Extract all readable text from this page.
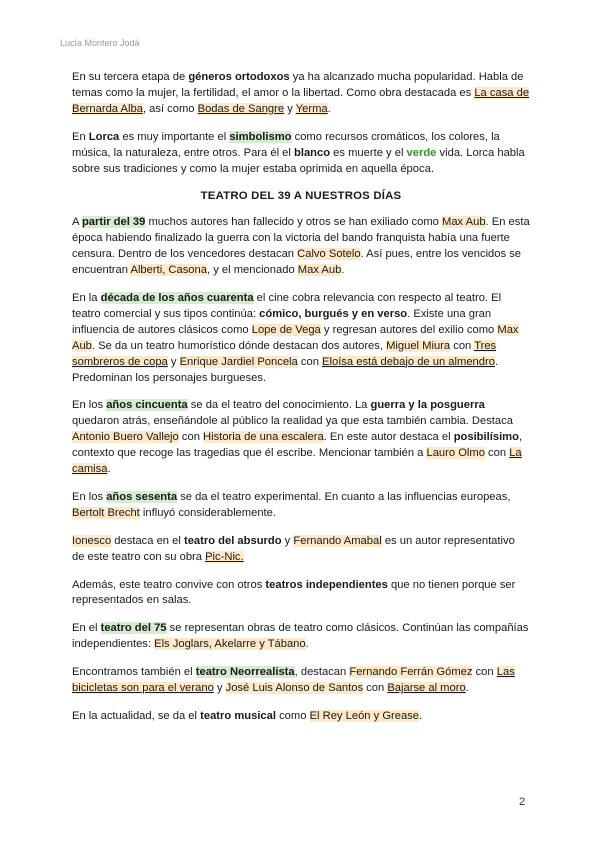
Lucía Montero Jodá

En su tercera etapa de géneros ortodoxos ya ha alcanzado mucha popularidad. Habla de temas como la mujer, la fertilidad, el amor o la libertad. Como obra destacada es La casa de Bernarda Alba, así como Bodas de Sangre y Yerma.

En Lorca es muy importante el simbolismo como recursos cromáticos, los colores, la música, la naturaleza, entre otros. Para él el blanco es muerte y el verde vida. Lorca habla sobre sus tradiciones y como la mujer estaba oprimida en aquella época.

TEATRO DEL 39 A NUESTROS DÍAS

A partir del 39 muchos autores han fallecido y otros se han exiliado como Max Aub. En esta época habiendo finalizado la guerra con la victoria del bando franquista había una fuerte censura. Dentro de los vencedores destacan Calvo Sotelo. Así pues, entre los vencidos se encuentran Alberti, Casona, y el mencionado Max Aub.

En la década de los años cuarenta el cine cobra relevancia con respecto al teatro. El teatro comercial y sus tipos continúa: cómico, burgués y en verso. Existe una gran influencia de autores clásicos como Lope de Vega y regresan autores del exilio como Max Aub. Se da un teatro humorístico dónde destacan dos autores, Miguel Miura con Tres sombreros de copa y Enrique Jardiel Poncela con Eloísa está debajo de un almendro. Predominan los personajes burgueses.

En los años cincuenta se da el teatro del conocimiento. La guerra y la posguerra quedaron atrás, enseñándole al público la realidad ya que esta también cambia. Destaca Antonio Buero Vallejo con Historia de una escalera. En este autor destaca el posibilísimo, contexto que recoge las tragedias que él escribe. Mencionar también a Lauro Olmo con La camisa.

En los años sesenta se da el teatro experimental. En cuanto a las influencias europeas, Bertolt Brecht influyó considerablemente.

Ionesco destaca en el teatro del absurdo y Fernando Amabal es un autor representativo de este teatro con su obra Pic-Nic.

Además, este teatro convive con otros teatros independientes que no tienen porque ser representados en salas.

En el teatro del 75 se representan obras de teatro como clásicos. Continúan las compañías independientes: Els Joglars, Akelarre y Tábano.

Encontramos también el teatro Neorrealista, destacan Fernando Ferrán Gómez con Las bicicletas son para el verano y José Luis Alonso de Santos con Bajarse al moro.

En la actualidad, se da el teatro musical como El Rey León y Grease.

2
